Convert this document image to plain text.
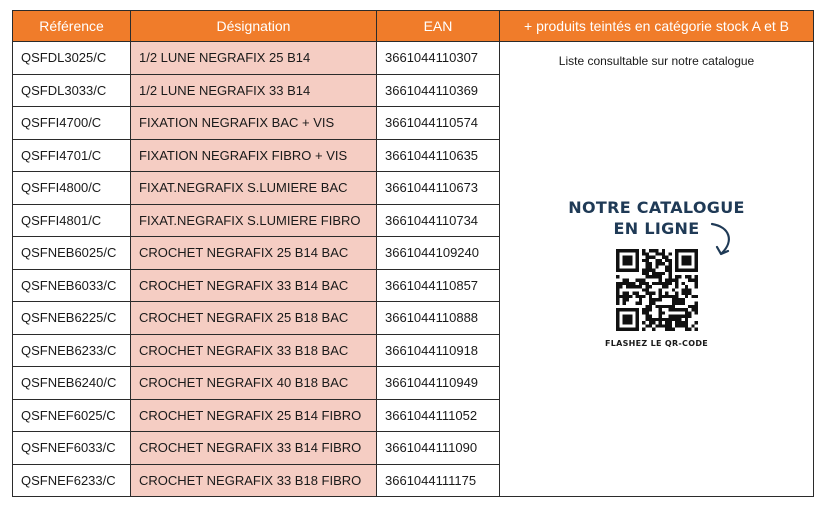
Référence	Désignation	EAN	+ produits teintés en catégorie stock A et B
QSFDL3025/C	1/2 LUNE NEGRAFIX 25 B14	3661044110307	Liste consultable sur notre catalogue
NOTRE CATALOGUE
EN LIGNE
FLASHEZ LE QR-CODE

QSFDL3033/C	1/2 LUNE NEGRAFIX 33 B14	3661044110369	
QSFFI4700/C	FIXATION NEGRAFIX BAC + VIS	3661044110574	
QSFFI4701/C	FIXATION NEGRAFIX FIBRO + VIS	3661044110635	
QSFFI4800/C	FIXAT.NEGRAFIX S.LUMIERE BAC	3661044110673	
QSFFI4801/C	FIXAT.NEGRAFIX S.LUMIERE FIBRO	3661044110734	
QSFNEB6025/C	CROCHET NEGRAFIX 25 B14 BAC	3661044109240	
QSFNEB6033/C	CROCHET NEGRAFIX 33 B14 BAC	3661044110857	
QSFNEB6225/C	CROCHET NEGRAFIX 25 B18 BAC	3661044110888	
QSFNEB6233/C	CROCHET NEGRAFIX 33 B18 BAC	3661044110918	
QSFNEB6240/C	CROCHET NEGRAFIX 40 B18 BAC	3661044110949	
QSFNEF6025/C	CROCHET NEGRAFIX 25 B14 FIBRO	3661044111052	
QSFNEF6033/C	CROCHET NEGRAFIX 33 B14 FIBRO	3661044111090	
QSFNEF6233/C	CROCHET NEGRAFIX 33 B18 FIBRO	3661044111175	
